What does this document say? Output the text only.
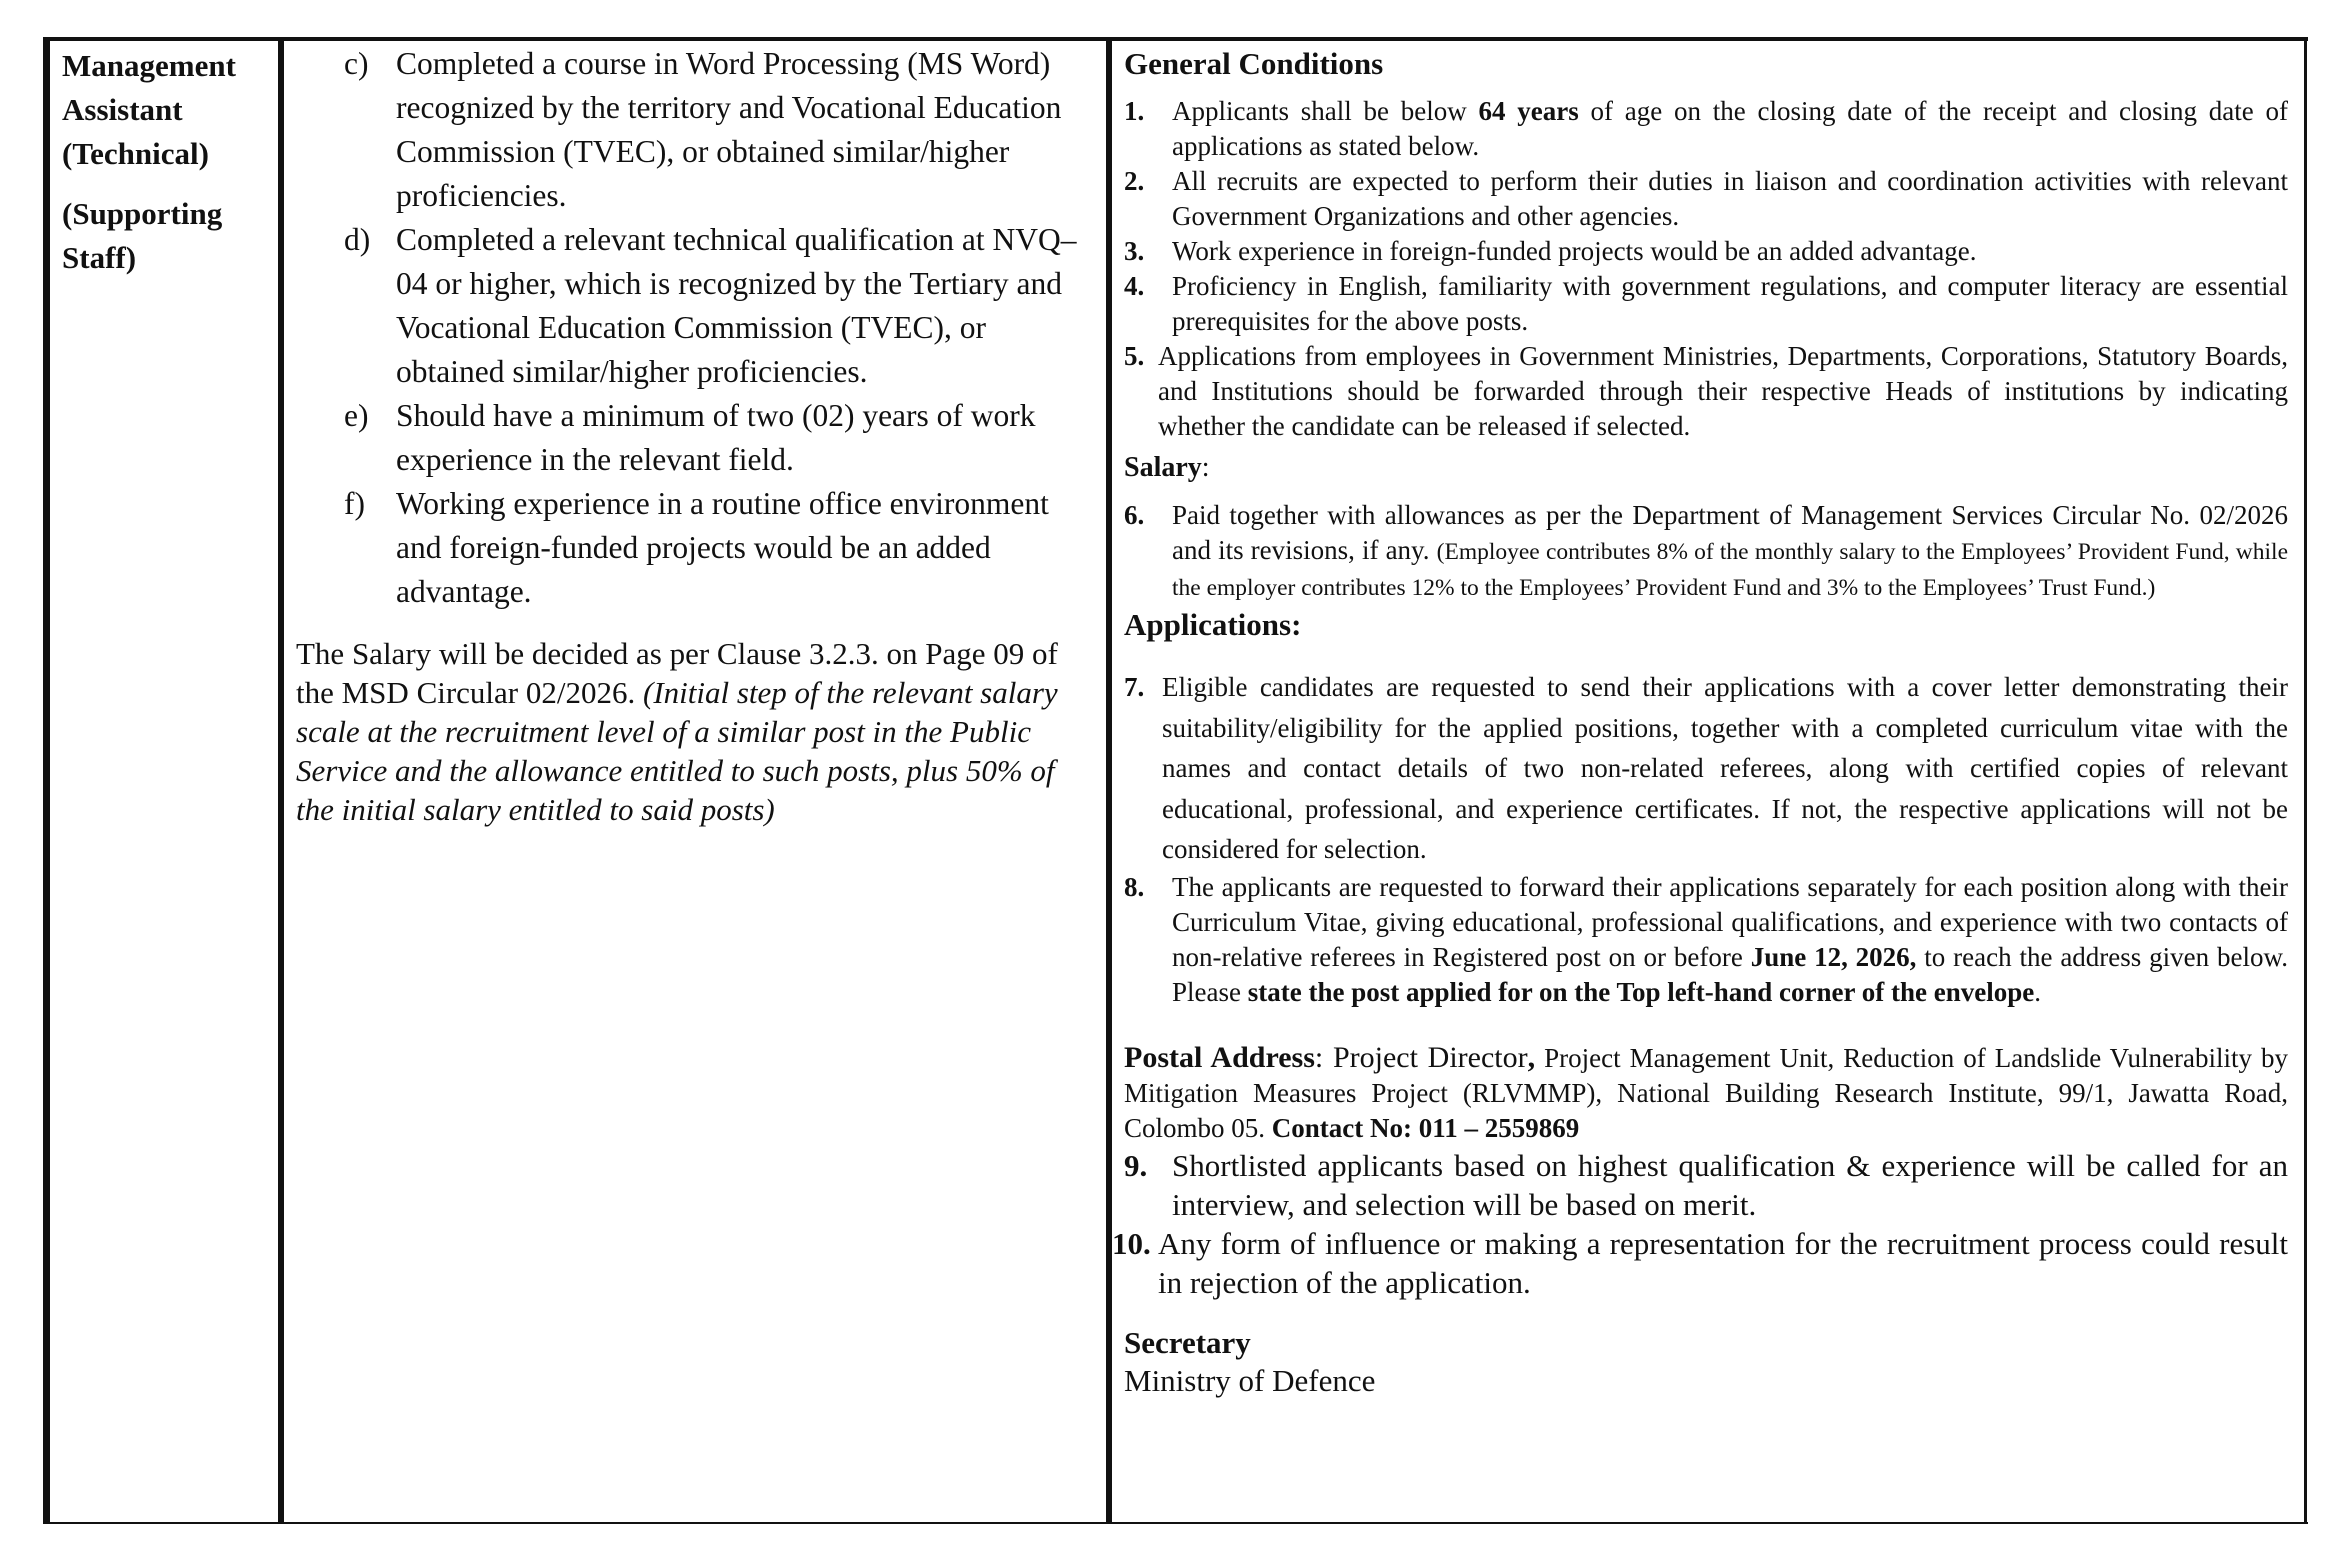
Management
Assistant
(Technical)
(Supporting
Staff)
c) Completed a course in Word Processing (MS Word) recognized by the territory and Vocational Education Commission (TVEC), or obtained similar/higher proficiencies.
d) Completed a relevant technical qualification at NVQ–04 or higher, which is recognized by the Tertiary and Vocational Education Commission (TVEC), or obtained similar/higher proficiencies.
e) Should have a minimum of two (02) years of work experience in the relevant field.
f) Working experience in a routine office environment and foreign-funded projects would be an added advantage.

The Salary will be decided as per Clause 3.2.3. on Page 09 of the MSD Circular 02/2026. (Initial step of the relevant salary scale at the recruitment level of a similar post in the Public Service and the allowance entitled to such posts, plus 50% of the initial salary entitled to said posts)

General Conditions
1. Applicants shall be below 64 years of age on the closing date of the receipt and closing date of applications as stated below.
2. All recruits are expected to perform their duties in liaison and coordination activities with relevant Government Organizations and other agencies.
3. Work experience in foreign-funded projects would be an added advantage.
4. Proficiency in English, familiarity with government regulations, and computer literacy are essential prerequisites for the above posts.
5. Applications from employees in Government Ministries, Departments, Corporations, Statutory Boards, and Institutions should be forwarded through their respective Heads of institutions by indicating whether the candidate can be released if selected.
Salary:
6. Paid together with allowances as per the Department of Management Services Circular No. 02/2026 and its revisions, if any. (Employee contributes 8% of the monthly salary to the Employees’ Provident Fund, while the employer contributes 12% to the Employees’ Provident Fund and 3% to the Employees’ Trust Fund.)
Applications:
7. Eligible candidates are requested to send their applications with a cover letter demonstrating their suitability/eligibility for the applied positions, together with a completed curriculum vitae with the names and contact details of two non-related referees, along with certified copies of relevant educational, professional, and experience certificates. If not, the respective applications will not be considered for selection.
8. The applicants are requested to forward their applications separately for each position along with their Curriculum Vitae, giving educational, professional qualifications, and experience with two contacts of non-relative referees in Registered post on or before June 12, 2026, to reach the address given below. Please state the post applied for on the Top left-hand corner of the envelope.
Postal Address: Project Director, Project Management Unit, Reduction of Landslide Vulnerability by Mitigation Measures Project (RLVMMP), National Building Research Institute, 99/1, Jawatta Road, Colombo 05. Contact No: 011 – 2559869
9. Shortlisted applicants based on highest qualification & experience will be called for an interview, and selection will be based on merit.
10. Any form of influence or making a representation for the recruitment process could result in rejection of the application.
Secretary
Ministry of Defence
